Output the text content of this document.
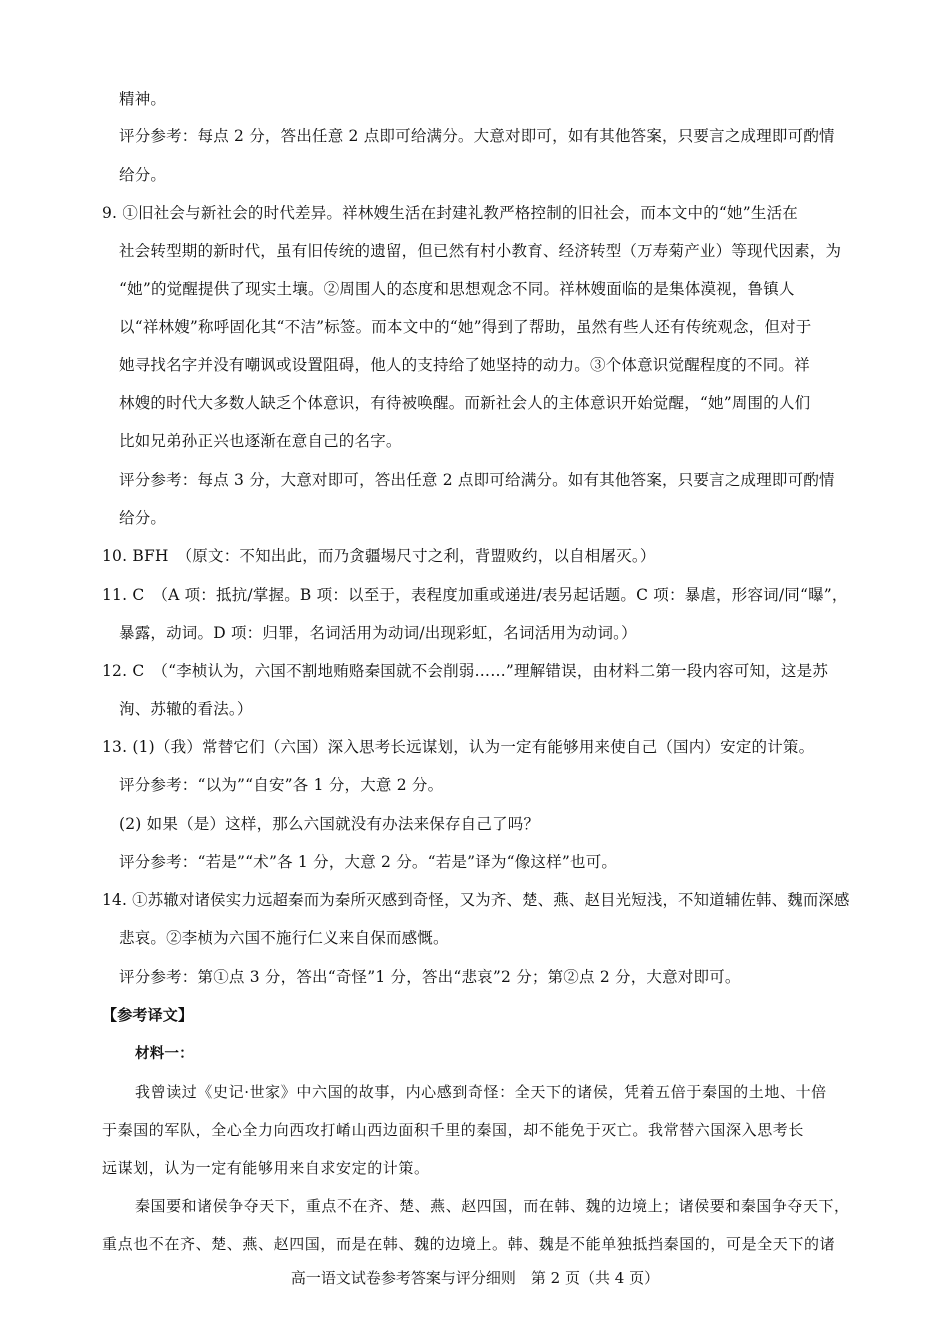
精神。
评分参考：每点 2 分，答出任意 2 点即可给满分。大意对即可，如有其他答案，只要言之成理即可酌情
给分。
9. ①旧社会与新社会的时代差异。祥林嫂生活在封建礼教严格控制的旧社会，而本文中的“她”生活在
社会转型期的新时代，虽有旧传统的遗留，但已然有村小教育、经济转型（万寿菊产业）等现代因素，为
“她”的觉醒提供了现实土壤。②周围人的态度和思想观念不同。祥林嫂面临的是集体漠视，鲁镇人
以“祥林嫂”称呼固化其“不洁”标签。而本文中的“她”得到了帮助，虽然有些人还有传统观念，但对于
她寻找名字并没有嘲讽或设置阻碍，他人的支持给了她坚持的动力。③个体意识觉醒程度的不同。祥
林嫂的时代大多数人缺乏个体意识，有待被唤醒。而新社会人的主体意识开始觉醒，“她”周围的人们
比如兄弟孙正兴也逐渐在意自己的名字。
评分参考：每点 3 分，大意对即可，答出任意 2 点即可给满分。如有其他答案，只要言之成理即可酌情
给分。
10. BFH　（原文：不知出此，而乃贪疆埸尺寸之利，背盟败约，以自相屠灭。）
11. C　（A 项：抵抗/掌握。B 项：以至于，表程度加重或递进/表另起话题。C 项：暴虐，形容词/同“曝”，
暴露，动词。D 项：归罪，名词活用为动词/出现彩虹，名词活用为动词。）
12. C　（“李桢认为，六国不割地贿赂秦国就不会削弱……”理解错误，由材料二第一段内容可知，这是苏
洵、苏辙的看法。）
13. (1)（我）常替它们（六国）深入思考长远谋划，认为一定有能够用来使自己（国内）安定的计策。
评分参考：“以为”“自安”各 1 分，大意 2 分。
(2) 如果（是）这样，那么六国就没有办法来保存自己了吗？
评分参考：“若是”“术”各 1 分，大意 2 分。“若是”译为“像这样”也可。
14. ①苏辙对诸侯实力远超秦而为秦所灭感到奇怪，又为齐、楚、燕、赵目光短浅，不知道辅佐韩、魏而深感
悲哀。②李桢为六国不施行仁义来自保而感慨。
评分参考：第①点 3 分，答出“奇怪”1 分，答出“悲哀”2 分；第②点 2 分，大意对即可。
【参考译文】
材料一：
我曾读过《史记·世家》中六国的故事，内心感到奇怪：全天下的诸侯，凭着五倍于秦国的土地、十倍
于秦国的军队，全心全力向西攻打崤山西边面积千里的秦国，却不能免于灭亡。我常替六国深入思考长
远谋划，认为一定有能够用来自求安定的计策。
秦国要和诸侯争夺天下，重点不在齐、楚、燕、赵四国，而在韩、魏的边境上；诸侯要和秦国争夺天下，
重点也不在齐、楚、燕、赵四国，而是在韩、魏的边境上。韩、魏是不能单独抵挡秦国的，可是全天下的诸
高一语文试卷参考答案与评分细则　第 2 页（共 4 页）
